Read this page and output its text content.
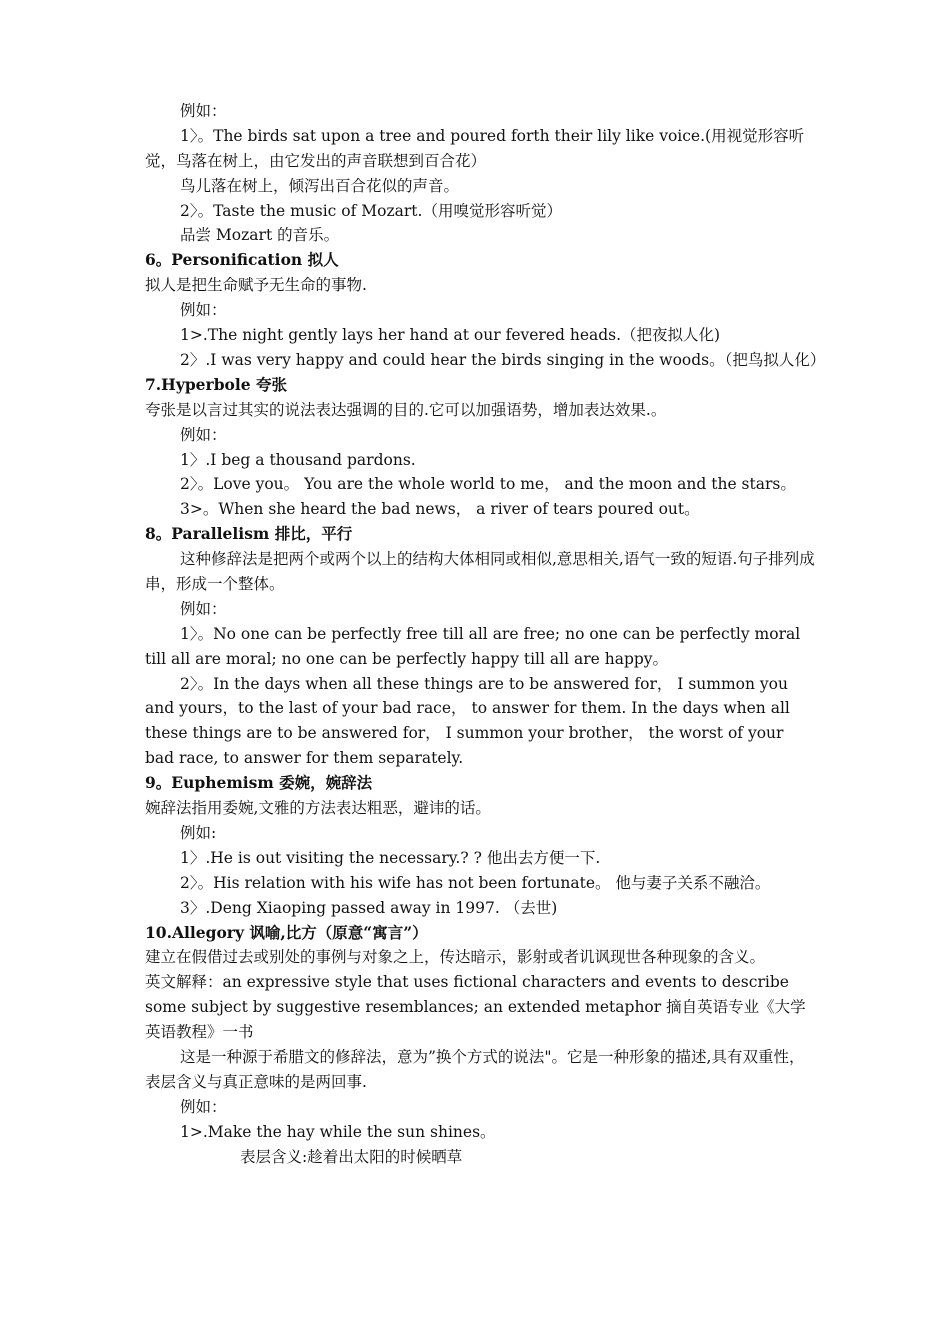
例如：
1〉。The birds sat upon a tree and poured forth their lily like voice.(用视觉形容听觉，鸟落在树上，由它发出的声音联想到百合花）
鸟儿落在树上，倾泻出百合花似的声音。
2〉。Taste the music of Mozart.（用嗅觉形容听觉）
品尝 Mozart 的音乐。
6。Personification 拟人
拟人是把生命赋予无生命的事物.
例如：
1>.The night gently lays her hand at our fevered heads.（把夜拟人化)
2〉.I was very happy and could hear the birds singing in the woods。（把鸟拟人化）
7.Hyperbole 夸张
夸张是以言过其实的说法表达强调的目的.它可以加强语势，增加表达效果.。
例如：
1〉.I beg a thousand pardons.
2〉。Love you。 You are the whole world to me， and the moon and the stars。
3>。When she heard the bad news， a river of tears poured out。
8。Parallelism 排比，平行
这种修辞法是把两个或两个以上的结构大体相同或相似,意思相关,语气一致的短语.句子排列成串，形成一个整体。
例如：
1〉。No one can be perfectly free till all are free; no one can be perfectly moral till all are moral; no one can be perfectly happy till all are happy。
2〉。In the days when all these things are to be answered for， I summon you and yours，to the last of your bad race， to answer for them. In the days when all these things are to be answered for， I summon your brother， the worst of your bad race, to answer for them separately.
9。Euphemism 委婉，婉辞法
婉辞法指用委婉,文雅的方法表达粗恶，避讳的话。
例如:
1〉.He is out visiting the necessary.? ? 他出去方便一下.
2〉。His relation with his wife has not been fortunate。 他与妻子关系不融洽。
3〉.Deng Xiaoping passed away in 1997. （去世)
10.Allegory 讽喻,比方（原意“寓言”）
建立在假借过去或别处的事例与对象之上，传达暗示，影射或者讥讽现世各种现象的含义。
英文解释：an expressive style that uses fictional characters and events to describe some subject by suggestive resemblances; an extended metaphor 摘自英语专业《大学英语教程》一书
这是一种源于希腊文的修辞法，意为”换个方式的说法"。它是一种形象的描述,具有双重性，表层含义与真正意味的是两回事.
例如：
1>.Make the hay while the sun shines。
表层含义:趁着出太阳的时候晒草
